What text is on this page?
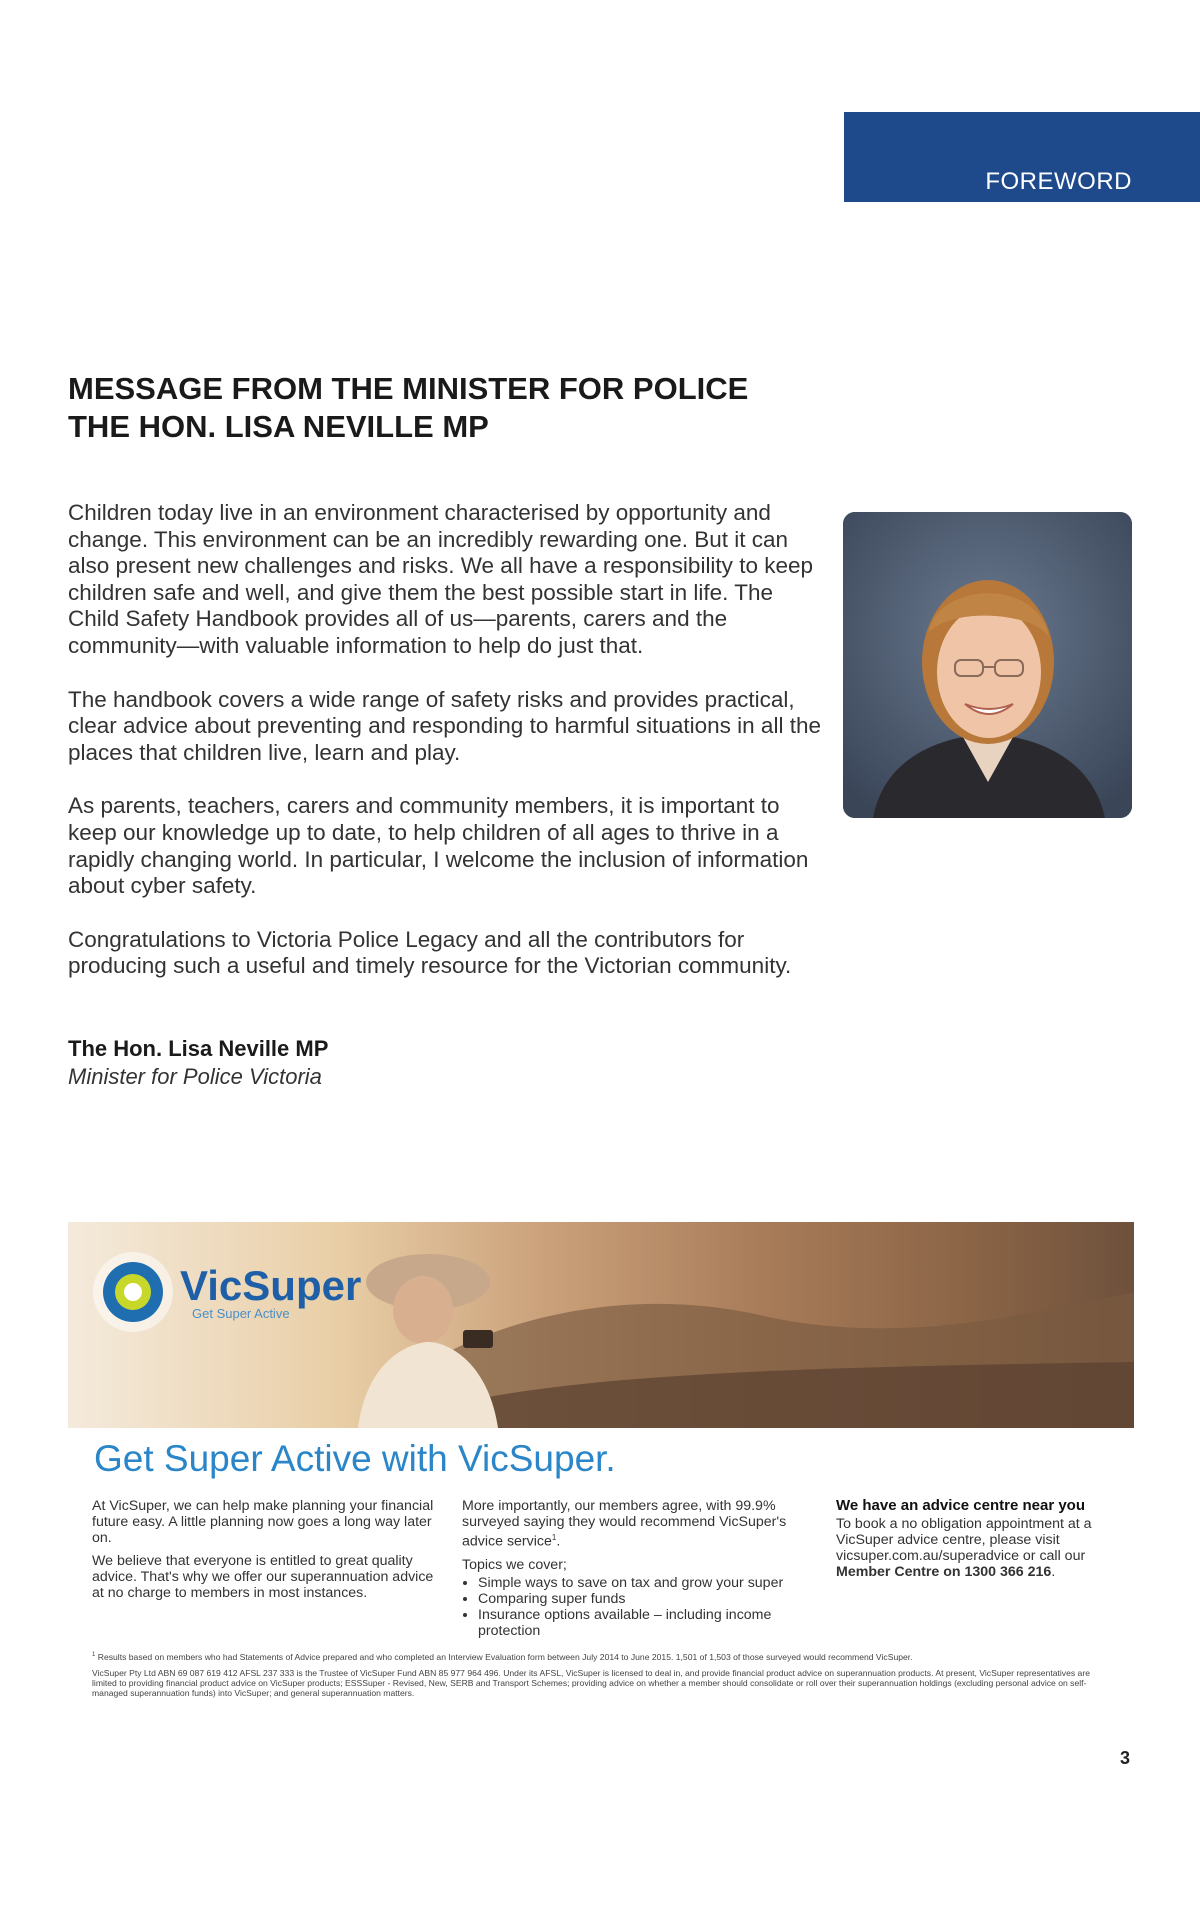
FOREWORD
MESSAGE FROM THE MINISTER FOR POLICE
THE HON. LISA NEVILLE MP

Children today live in an environment characterised by opportunity and change. This environment can be an incredibly rewarding one. But it can also present new challenges and risks. We all have a responsibility to keep children safe and well, and give them the best possible start in life. The Child Safety Handbook provides all of us—parents, carers and the community—with valuable information to help do just that.

The handbook covers a wide range of safety risks and provides practical, clear advice about preventing and responding to harmful situations in all the places that children live, learn and play.

As parents, teachers, carers and community members, it is important to keep our knowledge up to date, to help children of all ages to thrive in a rapidly changing world. In particular, I welcome the inclusion of information about cyber safety.

Congratulations to Victoria Police Legacy and all the contributors for producing such a useful and timely resource for the Victorian community.

The Hon. Lisa Neville MP
Minister for Police Victoria
VicSuper
Get Super Active
Get Super Active with VicSuper.

At VicSuper, we can help make planning your financial future easy. A little planning now goes a long way later on.

We believe that everyone is entitled to great quality advice. That's why we offer our superannuation advice at no charge to members in most instances.

More importantly, our members agree, with 99.9% surveyed saying they would recommend VicSuper's advice service$^1$.

Topics we cover;

• Simple ways to save on tax and grow your super
• Comparing super funds
• Insurance options available – including income protection
We have an advice centre near you
To book a no obligation appointment at a VicSuper advice centre, please visit vicsuper.com.au/superadvice or call our Member Centre on 1300 366 216.
$^1$ Results based on members who had Statements of Advice prepared and who completed an Interview Evaluation form between July 2014 to June 2015. 1,501 of 1,503 of those surveyed would recommend VicSuper.
VicSuper Pty Ltd ABN 69 087 619 412 AFSL 237 333 is the Trustee of VicSuper Fund ABN 85 977 964 496. Under its AFSL, VicSuper is licensed to deal in, and provide financial product advice on superannuation products. At present, VicSuper representatives are limited to providing financial product advice on VicSuper products; ESSSuper - Revised, New, SERB and Transport Schemes; providing advice on whether a member should consolidate or roll over their superannuation holdings (excluding personal advice on self-managed superannuation funds) into VicSuper; and general superannuation matters.
3
